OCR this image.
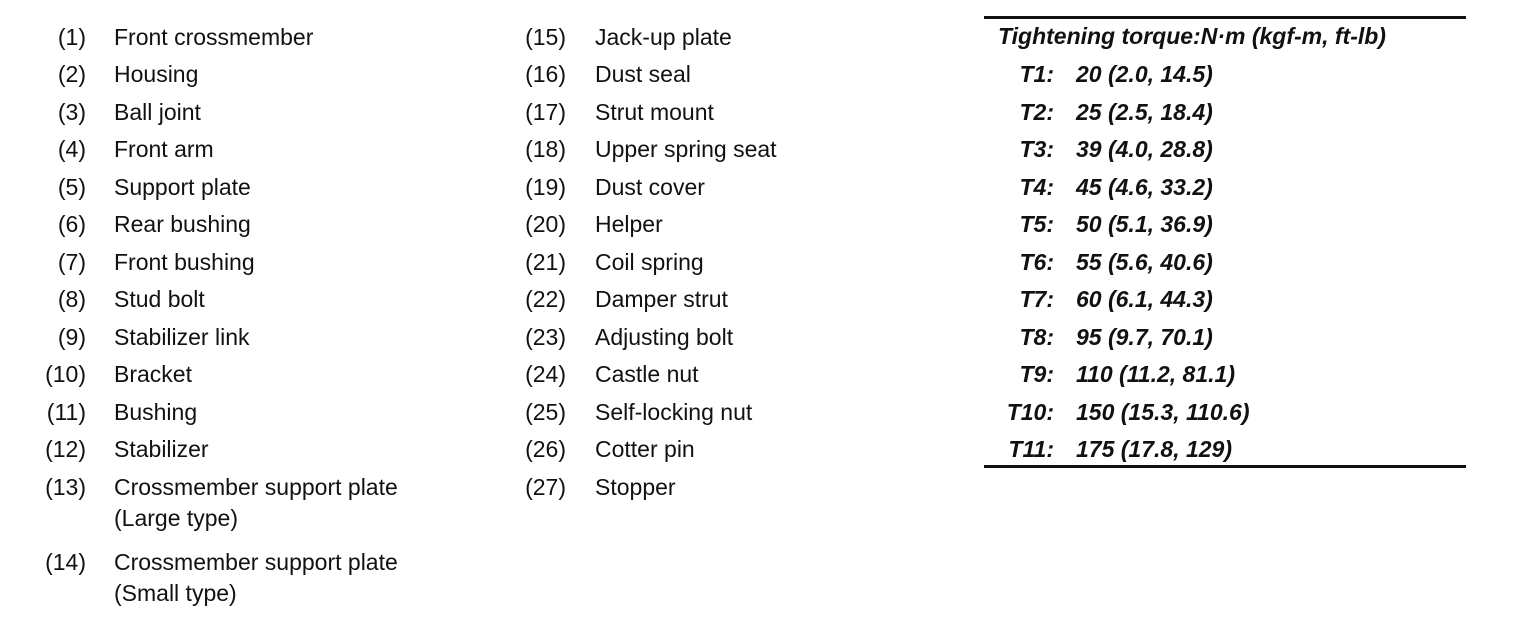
(1) Front crossmember
(2) Housing
(3) Ball joint
(4) Front arm
(5) Support plate
(6) Rear bushing
(7) Front bushing
(8) Stud bolt
(9) Stabilizer link
(10) Bracket
(11) Bushing
(12) Stabilizer
(13) Crossmember support plate
(Large type)
(14) Crossmember support plate
(Small type)
(15) Jack-up plate
(16) Dust seal
(17) Strut mount
(18) Upper spring seat
(19) Dust cover
(20) Helper
(21) Coil spring
(22) Damper strut
(23) Adjusting bolt
(24) Castle nut
(25) Self-locking nut
(26) Cotter pin
(27) Stopper
Tightening torque:N·m (kgf-m, ft-lb)
T1: 20 (2.0, 14.5)
T2: 25 (2.5, 18.4)
T3: 39 (4.0, 28.8)
T4: 45 (4.6, 33.2)
T5: 50 (5.1, 36.9)
T6: 55 (5.6, 40.6)
T7: 60 (6.1, 44.3)
T8: 95 (9.7, 70.1)
T9: 110 (11.2, 81.1)
T10: 150 (15.3, 110.6)
T11: 175 (17.8, 129)
